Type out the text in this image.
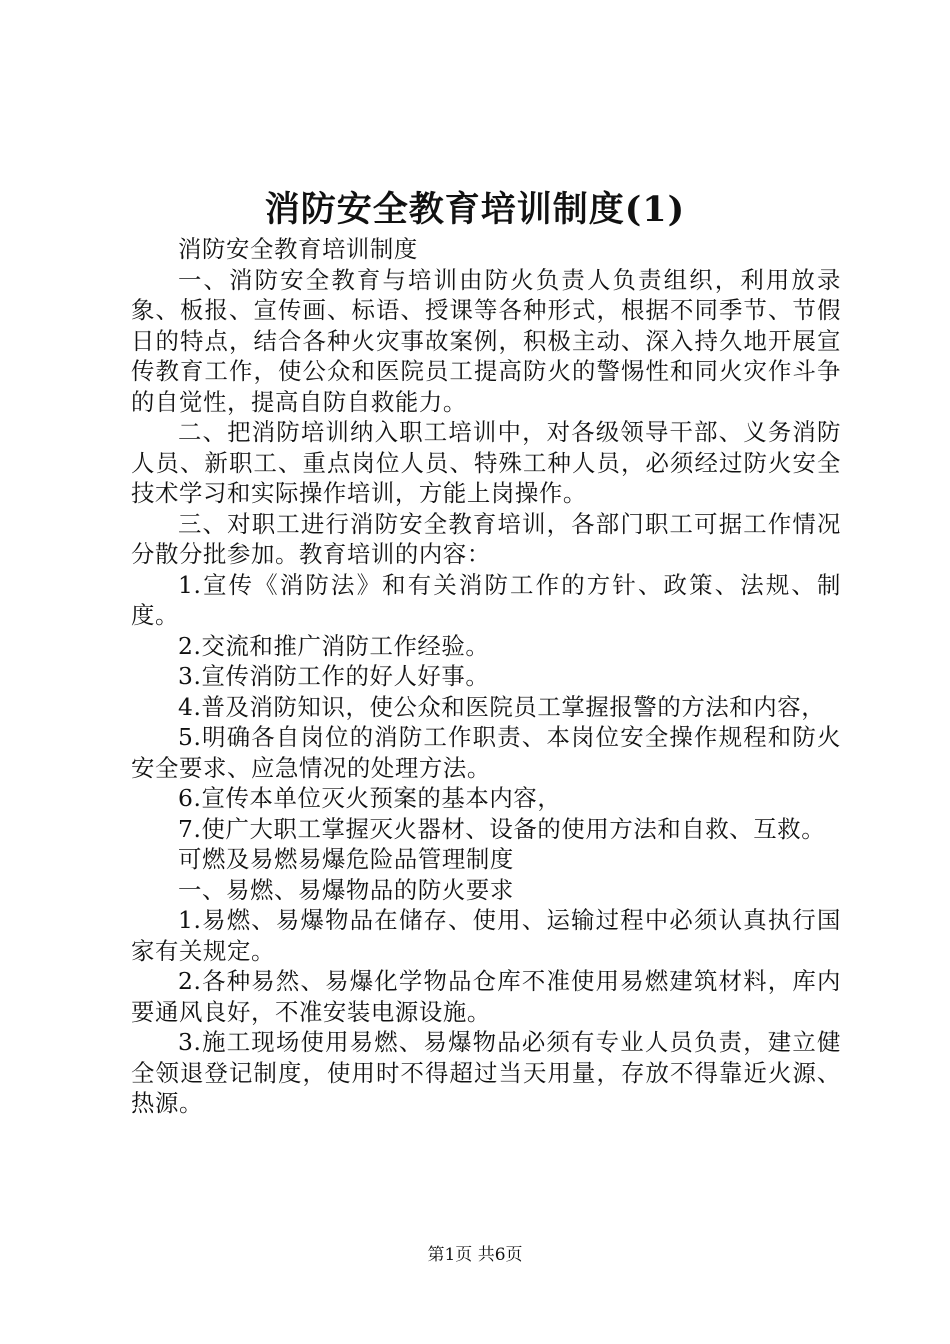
消防安全教育培训制度(1)

消防安全教育培训制度

一、消防安全教育与培训由防火负责人负责组织，利用放录象、板报、宣传画、标语、授课等各种形式，根据不同季节、节假日的特点，结合各种火灾事故案例，积极主动、深入持久地开展宣传教育工作，使公众和医院员工提高防火的警惕性和同火灾作斗争的自觉性，提高自防自救能力。

二、把消防培训纳入职工培训中，对各级领导干部、义务消防人员、新职工、重点岗位人员、特殊工种人员，必须经过防火安全技术学习和实际操作培训，方能上岗操作。

三、对职工进行消防安全教育培训，各部门职工可据工作情况分散分批参加。教育培训的内容：

1.宣传《消防法》和有关消防工作的方针、政策、法规、制度。

2.交流和推广消防工作经验。

3.宣传消防工作的好人好事。

4.普及消防知识，使公众和医院员工掌握报警的方法和内容，

5.明确各自岗位的消防工作职责、本岗位安全操作规程和防火安全要求、应急情况的处理方法。

6.宣传本单位灭火预案的基本内容，

7.使广大职工掌握灭火器材、设备的使用方法和自救、互救。

可燃及易燃易爆危险品管理制度

一、易燃、易爆物品的防火要求

1.易燃、易爆物品在储存、使用、运输过程中必须认真执行国家有关规定。

2.各种易然、易爆化学物品仓库不准使用易燃建筑材料，库内要通风良好，不准安装电源设施。

3.施工现场使用易燃、易爆物品必须有专业人员负责，建立健全领退登记制度，使用时不得超过当天用量，存放不得靠近火源、热源。

第1页 共6页
